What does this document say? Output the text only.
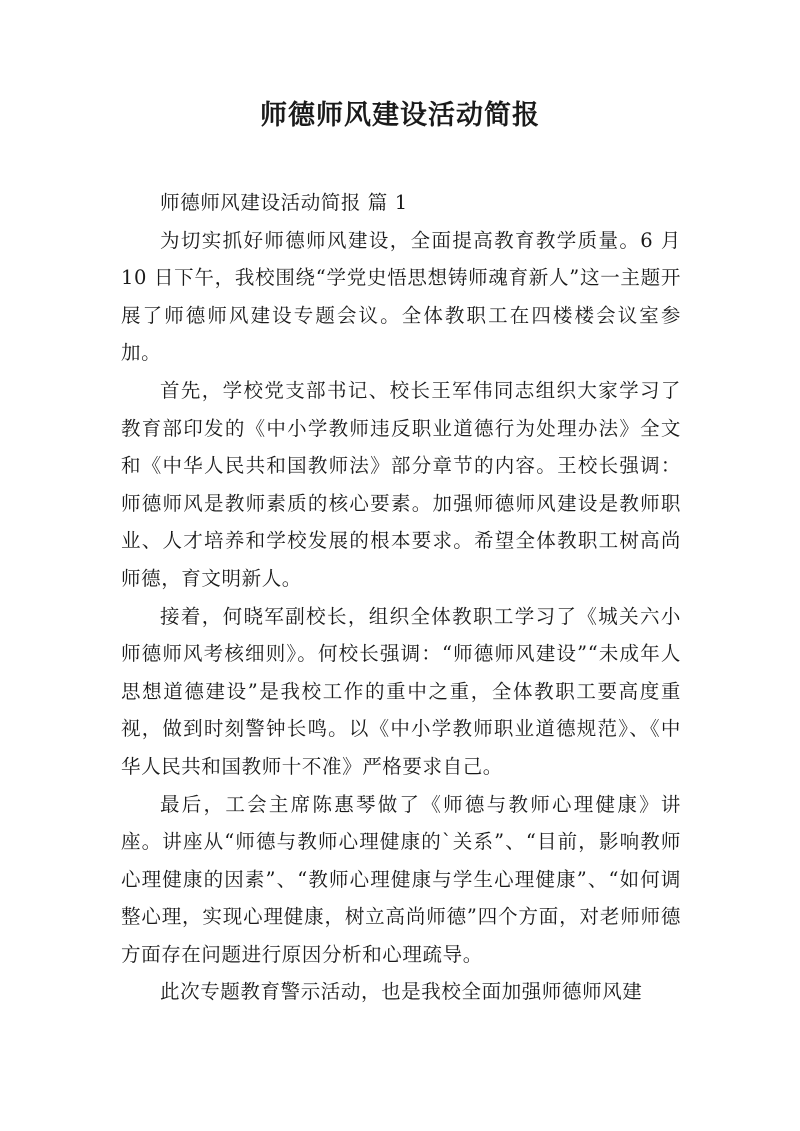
师德师风建设活动简报

师德师风建设活动简报 篇 1

为切实抓好师德师风建设，全面提高教育教学质量。6 月 10 日下午，我校围绕“学党史悟思想铸师魂育新人”这一主题开展了师德师风建设专题会议。全体教职工在四楼楼会议室参加。

首先，学校党支部书记、校长王军伟同志组织大家学习了教育部印发的《中小学教师违反职业道德行为处理办法》全文和《中华人民共和国教师法》部分章节的内容。王校长强调：师德师风是教师素质的核心要素。加强师德师风建设是教师职业、人才培养和学校发展的根本要求。希望全体教职工树高尚师德，育文明新人。

接着，何晓军副校长，组织全体教职工学习了《城关六小师德师风考核细则》。何校长强调：“师德师风建设”“未成年人思想道德建设”是我校工作的重中之重，全体教职工要高度重视，做到时刻警钟长鸣。以《中小学教师职业道德规范》、《中华人民共和国教师十不准》严格要求自己。

最后，工会主席陈惠琴做了《师德与教师心理健康》讲座。讲座从“师德与教师心理健康的`关系”、“目前，影响教师心理健康的因素”、“教师心理健康与学生心理健康”、“如何调整心理，实现心理健康，树立高尚师德”四个方面，对老师师德方面存在问题进行原因分析和心理疏导。

此次专题教育警示活动，也是我校全面加强师德师风建
